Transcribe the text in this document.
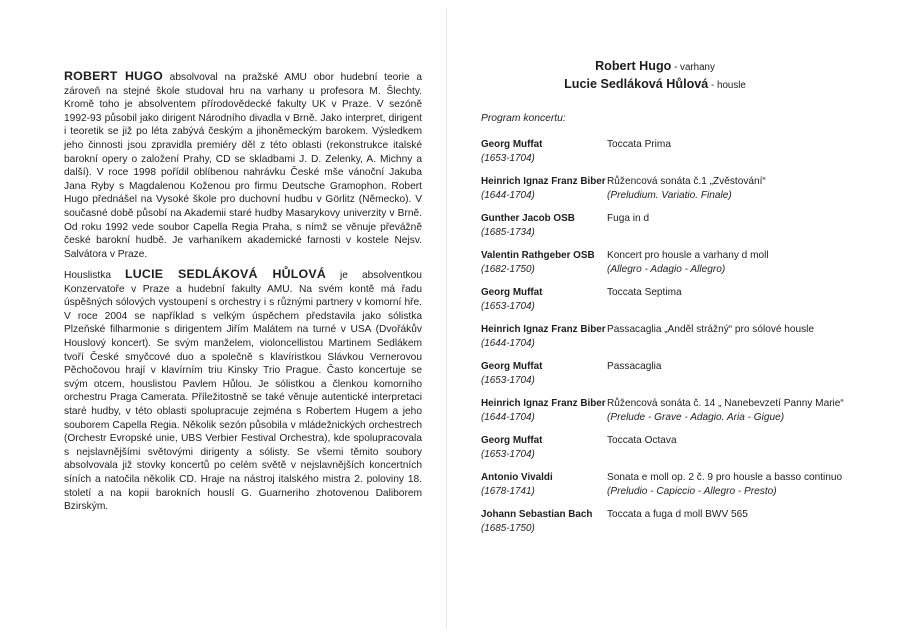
ROBERT HUGO absolvoval na pražské AMU obor hudební teorie a zároveň na stejné škole studoval hru na varhany u profesora M. Šlechty. Kromě toho je absolventem přírodovědecké fakulty UK v Praze. V sezóně 1992-93 působil jako dirigent Národního divadla v Brně. Jako interpret, dirigent i teoretik se již po léta zabývá českým a jihoněmeckým barokem. Výsledkem jeho činnosti jsou zpravidla premiéry děl z této oblasti (rekonstrukce italské barokní opery o založení Prahy, CD se skladbami J. D. Zelenky, A. Michny a další). V roce 1998 pořídil oblíbenou nahrávku České mše vánoční Jakuba Jana Ryby s Magdalenou Koženou pro firmu Deutsche Gramophon. Robert Hugo přednášel na Vysoké škole pro duchovní hudbu v Görlitz (Německo). V současné době působí na Akademii staré hudby Masarykovy univerzity v Brně. Od roku 1992 vede soubor Capella Regia Praha, s nímž se věnuje převážně české barokní hudbě. Je varhaníkem akademické farnosti v kostele Nejsv. Salvátora v Praze.
Houslistka LUCIE SEDLÁKOVÁ HŮLOVÁ je absolventkou Konzervatoře v Praze a hudební fakulty AMU. Na svém kontě má řadu úspěšných sólových vystoupení s orchestry i s různými partnery v komorní hře. V roce 2004 se například s velkým úspěchem představila jako sólistka Plzeňské filharmonie s dirigentem Jiřím Malátem na turné v USA (Dvořákův Houslový koncert). Se svým manželem, violoncellistou Martinem Sedlákem tvoří České smyčcové duo a společně s klavíristkou Slávkou Vernerovou Pěchočovou hrají v klavírním triu Kinsky Trio Prague. Často koncertuje se svým otcem, houslistou Pavlem Hůlou. Je sólistkou a členkou komorního orchestru Praga Camerata. Příležitostně se také věnuje autentické interpretaci staré hudby, v této oblasti spolupracuje zejména s Robertem Hugem a jeho souborem Capella Regia. Několik sezón působila v mládežnických orchestrech (Orchestr Evropské unie, UBS Verbier Festival Orchestra), kde spolupracovala s nejslavnějšími světovými dirigenty a sólisty. Se všemi těmito soubory absolvovala již stovky koncertů po celém světě v nejslavnějších koncertních síních a natočila několik CD. Hraje na nástroj italského mistra 2. poloviny 18. století a na kopii barokních houslí G. Guarneriho zhotovenou Daliborem Bzirským.
Robert Hugo - varhany
Lucie Sedláková Hůlová - housle
Program koncertu:
Georg Muffat
(1653-1704)
Toccata Prima
Heinrich Ignaz Franz Biber
(1644-1704)
Růžencová sonáta č.1 „Zvěstování“
(Preludium. Variatio. Finale)
Gunther Jacob OSB
(1685-1734)
Fuga in d
Valentin Rathgeber OSB
(1682-1750)
Koncert pro housle a varhany d moll
(Allegro - Adagio - Allegro)
Georg Muffat
(1653-1704)
Toccata Septima
Heinrich Ignaz Franz Biber
(1644-1704)
Passacaglia „Anděl strážný“ pro sólové housle
Georg Muffat
(1653-1704)
Passacaglia
Heinrich Ignaz Franz Biber
(1644-1704)
Růžencová sonáta č. 14 „ Nanebevzetí Panny Marie“
(Prelude - Grave - Adagio. Aria - Gigue)
Georg Muffat
(1653-1704)
Toccata Octava
Antonio Vivaldi
(1678-1741)
Sonata e moll op. 2 č. 9 pro housle a basso continuo
(Preludio - Capiccio - Allegro - Presto)
Johann Sebastian Bach
(1685-1750)
Toccata a fuga d moll BWV 565
